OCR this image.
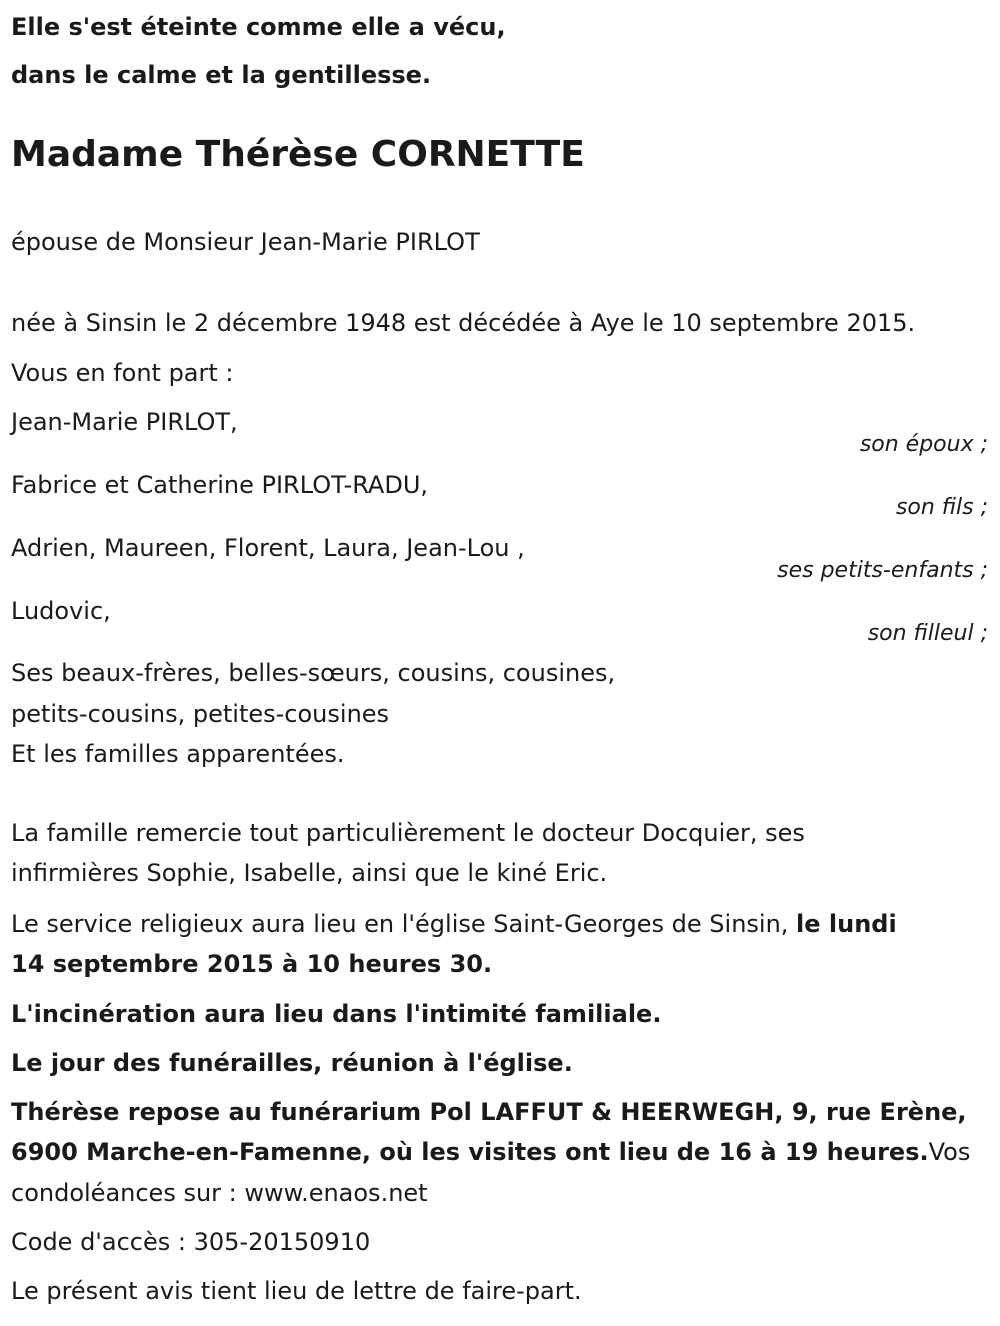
Elle s'est éteinte comme elle a vécu,

dans le calme et la gentillesse.

Madame Thérèse CORNETTE

épouse de Monsieur Jean-Marie PIRLOT

née à Sinsin le 2 décembre 1948 est décédée à Aye le 10 septembre 2015.

Vous en font part :

Jean-Marie PIRLOT,

son époux ;

Fabrice et Catherine PIRLOT-RADU,

son fils ;

Adrien, Maureen, Florent, Laura, Jean-Lou ,

ses petits-enfants ;

Ludovic,

son filleul ;

Ses beaux-frères, belles-sœurs, cousins, cousines,

petits-cousins, petites-cousines

Et les familles apparentées.

La famille remercie tout particulièrement le docteur Docquier, ses

infirmières Sophie, Isabelle, ainsi que le kiné Eric.

Le service religieux aura lieu en l'église Saint-Georges de Sinsin, le lundi

14 septembre 2015 à 10 heures 30.

L'incinération aura lieu dans l'intimité familiale.

Le jour des funérailles, réunion à l'église.

Thérèse repose au funérarium Pol LAFFUT & HEERWEGH, 9, rue Erène,

6900 Marche-en-Famenne, où les visites ont lieu de 16 à 19 heures.Vos

condoléances sur : www.enaos.net

Code d'accès : 305-20150910

Le présent avis tient lieu de lettre de faire-part.
